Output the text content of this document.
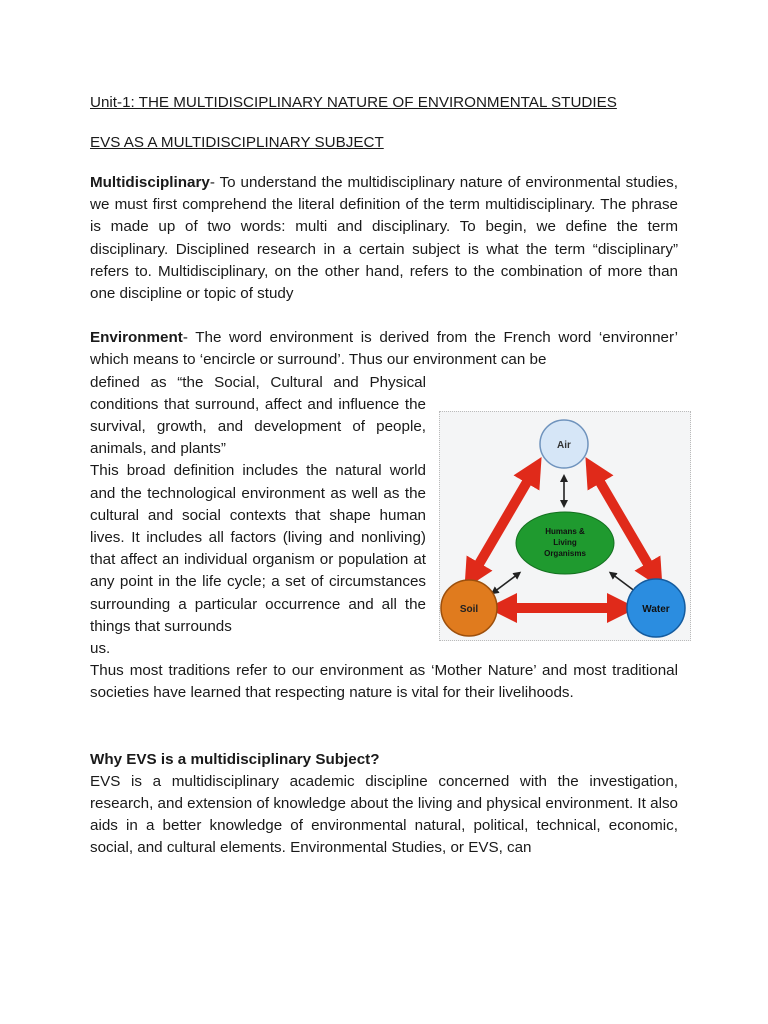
Unit-1: THE MULTIDISCIPLINARY NATURE OF ENVIRONMENTAL STUDIES

EVS AS A MULTIDISCIPLINARY SUBJECT

Multidisciplinary- To understand the multidisciplinary nature of environmental studies, we must first comprehend the literal definition of the term multidisciplinary. The phrase is made up of two words: multi and disciplinary. To begin, we define the term disciplinary. Disciplined research in a certain subject is what the term “disciplinary” refers to. Multidisciplinary, on the other hand, refers to the combination of more than one discipline or topic of study

Environment- The word environment is derived from the French word ‘environner’ which means to ‘encircle or surround’. Thus our environment can be

defined as “the Social, Cultural and Physical conditions that surround, affect and influence the survival, growth, and development of people, animals, and plants”

This broad definition includes the natural world and the technological environment as well as the cultural and social contexts that shape human lives. It includes all factors (living and nonliving) that affect an individual organism or population at any point in the life cycle; a set of circumstances surrounding a particular occurrence and all the things that surrounds

us.

Thus most traditions refer to our environment as ‘Mother Nature’ and most traditional societies have learned that respecting nature is vital for their livelihoods.

Why EVS is a multidisciplinary Subject?

EVS is a multidisciplinary academic discipline concerned with the investigation, research, and extension of knowledge about the living and physical environment. It also aids in a better knowledge of environmental natural, political, technical, economic, social, and cultural elements. Environmental Studies, or EVS, can

Air
Humans &
Living
Organisms
Soil	Water
